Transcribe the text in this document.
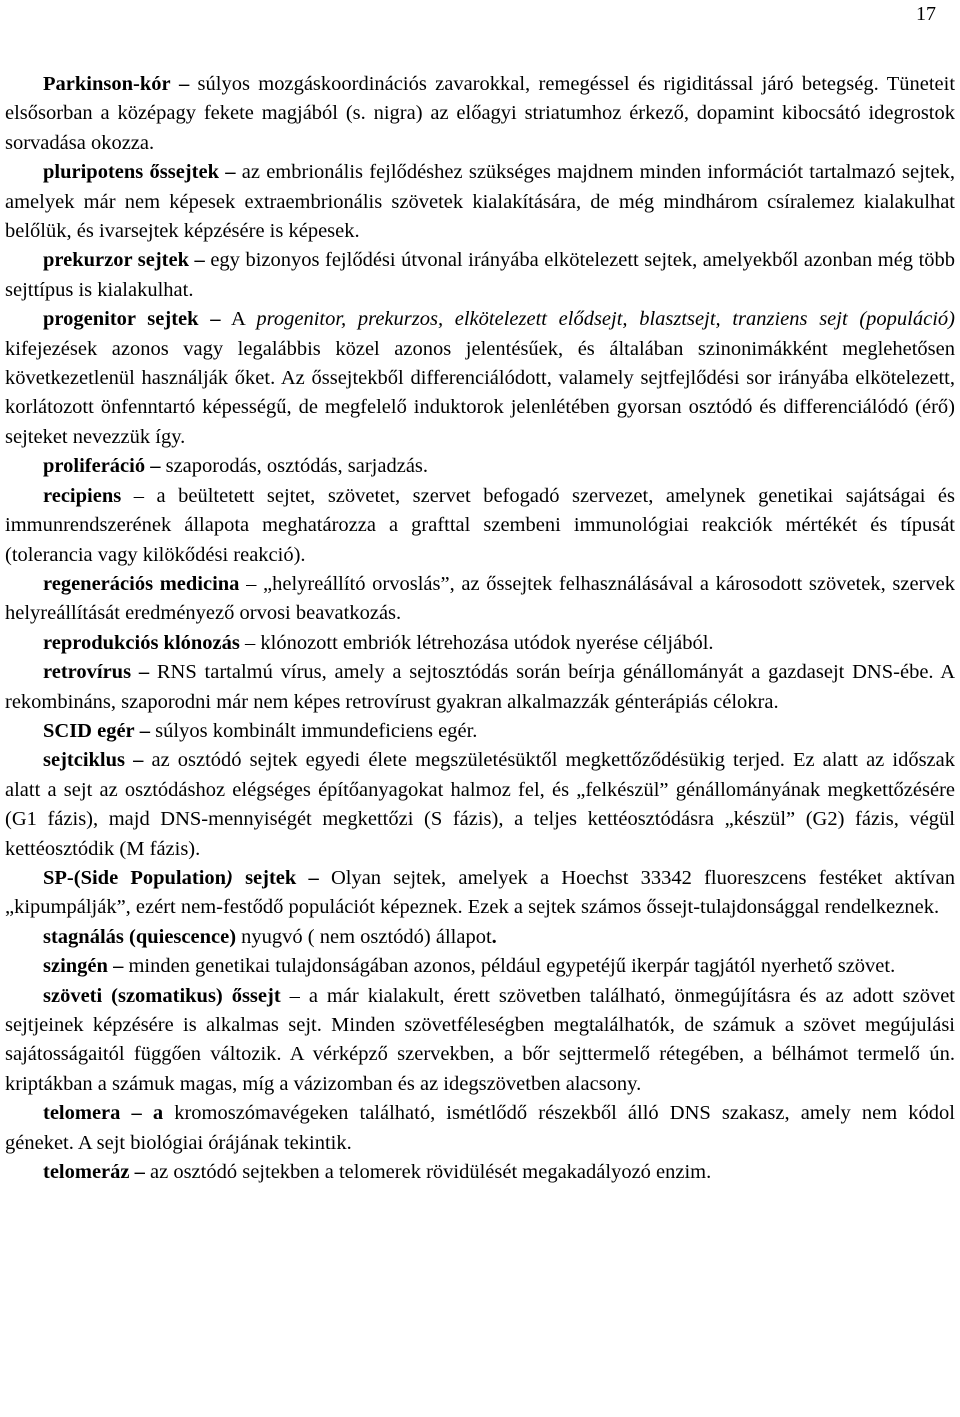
17

Parkinson-kór – súlyos mozgáskoordinációs zavarokkal, remegéssel és rigiditással járó betegség. Tüneteit elsősorban a középagy fekete magjából (s. nigra) az előagyi striatumhoz érkező, dopamint kibocsátó idegrostok sorvadása okozza.

pluripotens őssejtek – az embrionális fejlődéshez szükséges majdnem minden információt tartalmazó sejtek, amelyek már nem képesek extraembrionális szövetek kialakítására, de még mindhárom csíralemez kialakulhat belőlük, és ivarsejtek képzésére is képesek.

prekurzor sejtek – egy bizonyos fejlődési útvonal irányába elkötelezett sejtek, amelyekből azonban még több sejttípus is kialakulhat.

progenitor sejtek – A progenitor, prekurzos, elkötelezett elődsejt, blasztsejt, tranziens sejt (populáció) kifejezések azonos vagy legalábbis közel azonos jelentésűek, és általában szinonimákként meglehetősen következetlenül használják őket. Az őssejtekből differenciálódott, valamely sejtfejlődési sor irányába elkötelezett, korlátozott önfenntartó képességű, de megfelelő induktorok jelenlétében gyorsan osztódó és differenciálódó (érő) sejteket nevezzük így.

proliferáció – szaporodás, osztódás, sarjadzás.

recipiens – a beültetett sejtet, szövetet, szervet befogadó szervezet, amelynek genetikai sajátságai és immunrendszerének állapota meghatározza a grafttal szembeni immunológiai reakciók mértékét és típusát (tolerancia vagy kilökődési reakció).

regenerációs medicina – „helyreállító orvoslás”, az őssejtek felhasználásával a károsodott szövetek, szervek helyreállítását eredményező orvosi beavatkozás.

reprodukciós klónozás – klónozott embriók létrehozása utódok nyerése céljából.

retrovírus – RNS tartalmú vírus, amely a sejtosztódás során beírja génállományát a gazdasejt DNS-ébe. A rekombináns, szaporodni már nem képes retrovírust gyakran alkalmazzák génterápiás célokra.

SCID egér – súlyos kombinált immundeficiens egér.

sejtciklus – az osztódó sejtek egyedi élete megszületésüktől megkettőződésükig terjed. Ez alatt az időszak alatt a sejt az osztódáshoz elégséges építőanyagokat halmoz fel, és „felkészül” génállományának megkettőzésére (G1 fázis), majd DNS-mennyiségét megkettőzi (S fázis), a teljes kettéosztódásra „készül” (G2) fázis, végül kettéosztódik (M fázis).

SP-(Side Population) sejtek – Olyan sejtek, amelyek a Hoechst 33342 fluoreszcens festéket aktívan „kipumpálják”, ezért nem-festődő populációt képeznek. Ezek a sejtek számos őssejt-tulajdonsággal rendelkeznek.

stagnálás (quiescence) nyugvó ( nem osztódó) állapot.

szingén – minden genetikai tulajdonságában azonos, például egypetéjű ikerpár tagjától nyerhető szövet.

szöveti (szomatikus) őssejt – a már kialakult, érett szövetben található, önmegújításra és az adott szövet sejtjeinek képzésére is alkalmas sejt. Minden szövetféleségben megtalálhatók, de számuk a szövet megújulási sajátosságaitól függően változik. A vérképző szervekben, a bőr sejttermelő rétegében, a bélhámot termelő ún. kriptákban a számuk magas, míg a vázizomban és az idegszövetben alacsony.

telomera – a kromoszómavégeken található, ismétlődő részekből álló DNS szakasz, amely nem kódol géneket. A sejt biológiai órájának tekintik.

telomeráz – az osztódó sejtekben a telomerek rövidülését megakadályozó enzim.
